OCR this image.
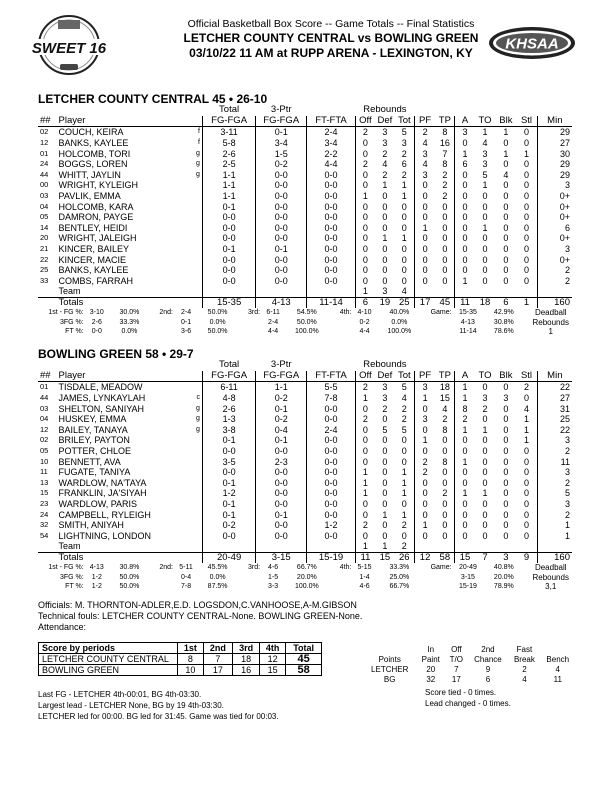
SWEET 16
Official Basketball Box Score -- Game Totals -- Final Statistics
LETCHER COUNTY CENTRAL vs BOWLING GREEN
03/10/22 11 AM at RUPP ARENA - LEXINGTON, KY
KHSAA
LETCHER COUNTY CENTRAL 45 • 26-10
			Total	3-Ptr		Rebounds									
##	Player		FG-FGA	FG-FGA	FT-FTA	Off	Def	Tot	PF	TP	A	TO	Blk	Stl	Min
02	COUCH, KEIRA	f	3-11	0-1	2-4	2	3	5	2	8	3	1	1	0	29
12	BANKS, KAYLEE	f	5-8	3-4	3-4	0	3	3	4	16	0	4	0	0	27
01	HOLCOMB, TORI	g	2-6	1-5	2-2	0	2	2	3	7	1	3	1	1	30
24	BOGGS, LOREN	g	2-5	0-2	4-4	2	4	6	4	8	6	3	0	0	29
44	WHITT, JAYLIN	g	1-1	0-0	0-0	0	2	2	3	2	0	5	4	0	29
00	WRIGHT, KYLEIGH		1-1	0-0	0-0	0	1	1	0	2	0	1	0	0	3
03	PAVLIK, EMMA		1-1	0-0	0-0	1	0	1	0	2	0	0	0	0	0+
04	HOLCOMB, KARA		0-1	0-0	0-0	0	0	0	0	0	0	0	0	0	0+
05	DAMRON, PAYGE		0-0	0-0	0-0	0	0	0	0	0	0	0	0	0	0+
14	BENTLEY, HEIDI		0-0	0-0	0-0	0	0	0	1	0	0	1	0	0	6
20	WRIGHT, JALEIGH		0-0	0-0	0-0	0	1	1	0	0	0	0	0	0	0+
21	KINCER, BAILEY		0-1	0-1	0-0	0	0	0	0	0	0	0	0	0	3
22	KINCER, MACIE		0-0	0-0	0-0	0	0	0	0	0	0	0	0	0	0+
25	BANKS, KAYLEE		0-0	0-0	0-0	0	0	0	0	0	0	0	0	0	2
33	COMBS, FARRAH		0-0	0-0	0-0	0	0	0	0	0	1	0	0	0	2
	Team					1	3	4							
	Totals		15-35	4-13	11-14	6	19	25	17	45	11	18	6	1	160
1st - FG %:	3-10	30.0%	2nd:	2-4	50.0%	3rd:	6-11	54.5%	4th:	4-10	40.0%	Game:	15-35	42.9%	Deadball
3FG %:	2-6	33.3%		0-1	0.0%		2-4	50.0%		0-2	0.0%		4-13	30.8%	Rebounds
FT %:	0-0	0.0%		3-6	50.0%		4-4	100.0%		4-4	100.0%		11-14	78.6%	1
BOWLING GREEN 58 • 29-7
			Total	3-Ptr		Rebounds									
##	Player		FG-FGA	FG-FGA	FT-FTA	Off	Def	Tot	PF	TP	A	TO	Blk	Stl	Min
01	TISDALE, MEADOW		6-11	1-1	5-5	2	3	5	3	18	1	0	0	2	22
44	JAMES, LYNKAYLAH	c	4-8	0-2	7-8	1	3	4	1	15	1	3	3	0	27
03	SHELTON, SANIYAH	g	2-6	0-1	0-0	0	2	2	0	4	8	2	0	4	31
04	HUSKEY, EMMA	g	1-3	0-2	0-0	2	0	2	3	2	2	0	0	1	25
12	BAILEY, TANAYA	g	3-8	0-4	2-4	0	5	5	0	8	1	1	0	1	22
02	BRILEY, PAYTON		0-1	0-1	0-0	0	0	0	1	0	0	0	0	1	3
05	POTTER, CHLOE		0-0	0-0	0-0	0	0	0	0	0	0	0	0	0	2
10	BENNETT, AVA		3-5	2-3	0-0	0	0	0	2	8	1	0	0	0	11
11	FUGATE, TANIYA		0-0	0-0	0-0	1	0	1	2	0	0	0	0	0	3
13	WARDLOW, NA'TAYA		0-1	0-0	0-0	1	0	1	0	0	0	0	0	0	2
15	FRANKLIN, JA'SIYAH		1-2	0-0	0-0	1	0	1	0	2	1	1	0	0	5
23	WARDLOW, PARIS		0-1	0-0	0-0	0	0	0	0	0	0	0	0	0	3
24	CAMPBELL, RYLEIGH		0-1	0-1	0-0	0	1	1	0	0	0	0	0	0	2
32	SMITH, ANIYAH		0-2	0-0	1-2	2	0	2	1	0	0	0	0	0	1
54	LIGHTNING, LONDON		0-0	0-0	0-0	0	0	0	0	0	0	0	0	0	1
	Team					1	1	2							
	Totals		20-49	3-15	15-19	11	15	26	12	58	15	7	3	9	160
1st - FG %:	4-13	30.8%	2nd:	5-11	45.5%	3rd:	4-6	66.7%	4th:	5-15	33.3%	Game:	20-49	40.8%	Deadball
3FG %:	1-2	50.0%		0-4	0.0%		1-5	20.0%		1-4	25.0%		3-15	20.0%	Rebounds
FT %:	1-2	50.0%		7-8	87.5%		3-3	100.0%		4-6	66.7%		15-19	78.9%	3,1
Officials: M. THORNTON-ADLER,E.D. LOGSDON,C.VANHOOSE,A-M.GIBSON
Technical fouls: LETCHER COUNTY CENTRAL-None. BOWLING GREEN-None.
Attendance:
Score by periods	1st	2nd	3rd	4th	Total
LETCHER COUNTY CENTRAL	8	7	18	12	45
BOWLING GREEN	10	17	16	15	58
	In	Off	2nd	Fast	
Points	Paint	T/O	Chance	Break	Bench
LETCHER	20	7	9	2	4
BG	32	17	6	4	11
Last FG - LETCHER 4th-00:01, BG 4th-03:30.
Largest lead - LETCHER None, BG by 19 4th-03:30.
LETCHER led for 00:00. BG led for 31:45. Game was tied for 00:03.
Score tied - 0 times.
Lead changed - 0 times.
